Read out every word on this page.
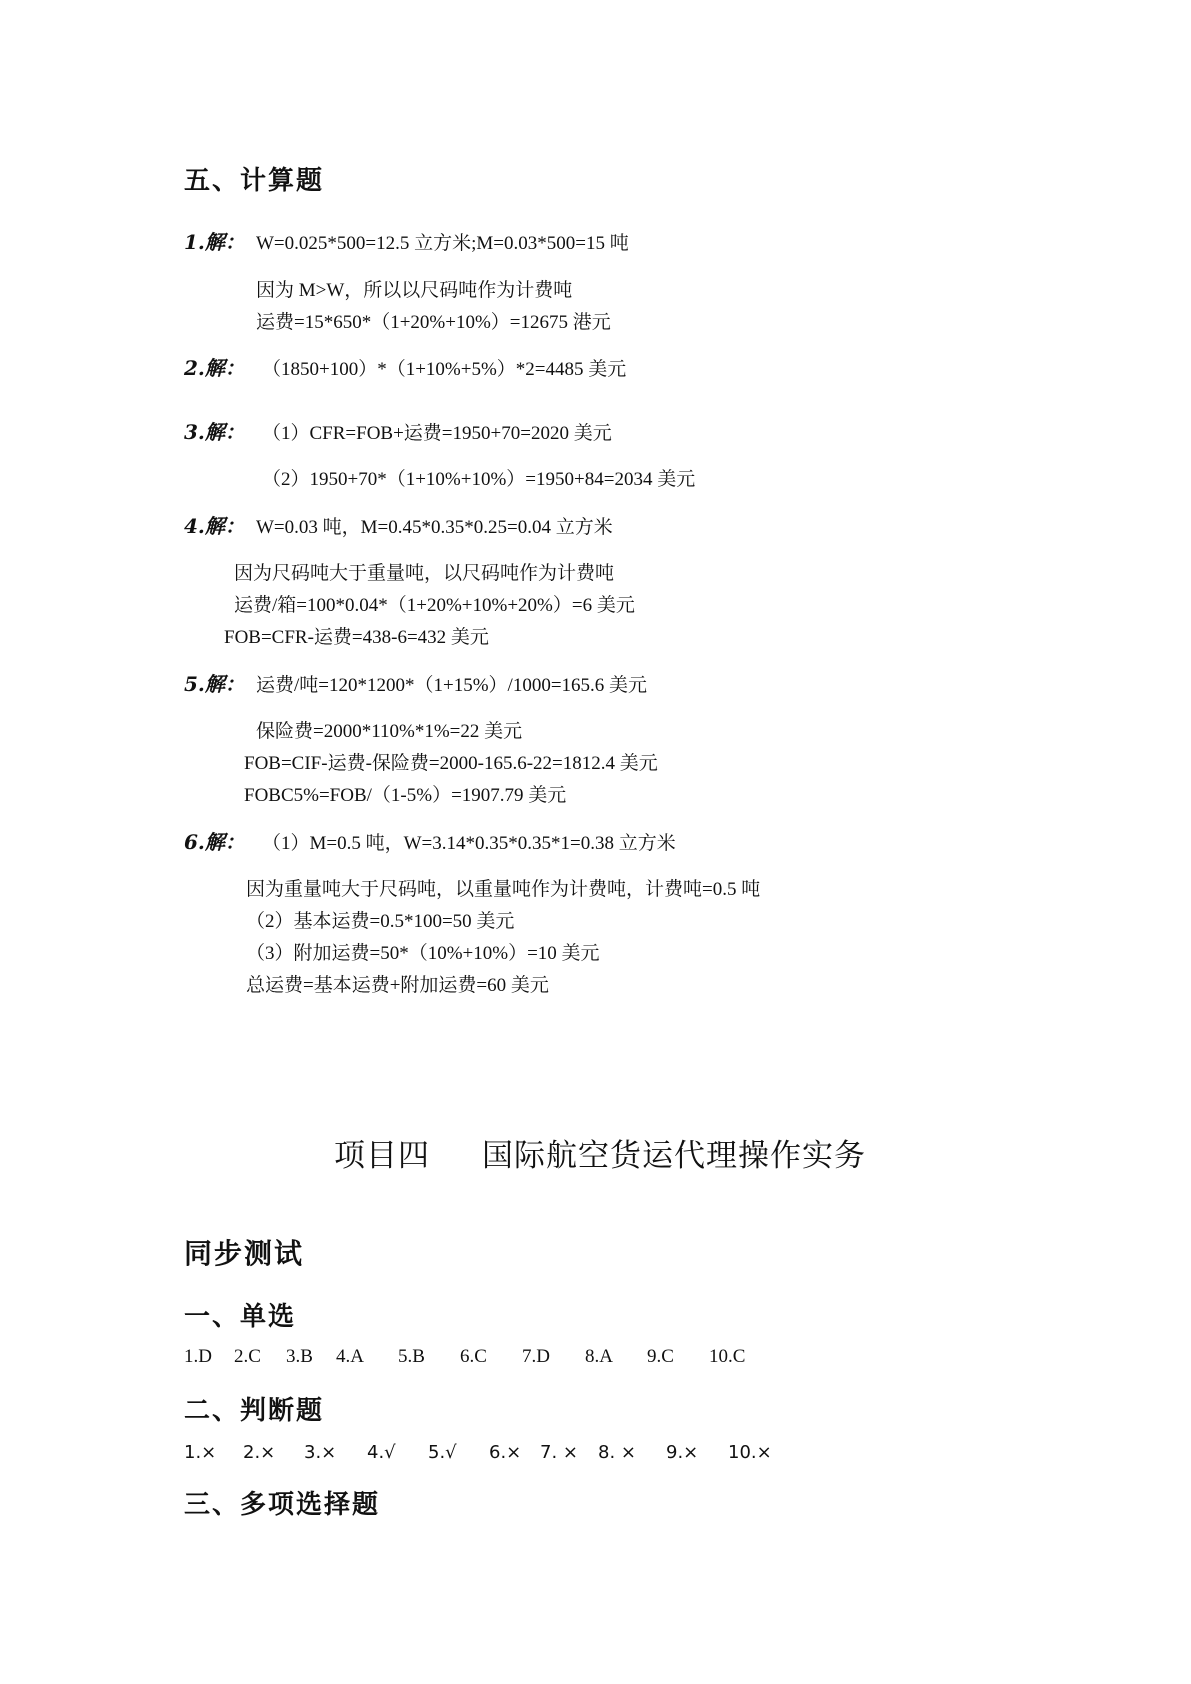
五、计算题
1.解： W=0.025*500=12.5 立方米;M=0.03*500=15 吨
因为 M>W，所以以尺码吨作为计费吨
运费=15*650*（1+20%+10%）=12675 港元
2.解： （1850+100）*（1+10%+5%）*2=4485 美元
3.解： （1）CFR=FOB+运费=1950+70=2020 美元
（2）1950+70*（1+10%+10%）=1950+84=2034 美元
4.解： W=0.03 吨，M=0.45*0.35*0.25=0.04 立方米
因为尺码吨大于重量吨，以尺码吨作为计费吨
运费/箱=100*0.04*（1+20%+10%+20%）=6 美元
FOB=CFR-运费=438-6=432 美元
5.解： 运费/吨=120*1200*（1+15%）/1000=165.6 美元
保险费=2000*110%*1%=22 美元
FOB=CIF-运费-保险费=2000-165.6-22=1812.4 美元
FOBC5%=FOB/（1-5%）=1907.79 美元
6.解： （1）M=0.5 吨，W=3.14*0.35*0.35*1=0.38 立方米
因为重量吨大于尺码吨，以重量吨作为计费吨，计费吨=0.5 吨
（2）基本运费=0.5*100=50 美元
（3）附加运费=50*（10%+10%）=10 美元
总运费=基本运费+附加运费=60 美元
项目四 国际航空货运代理操作实务
同步测试
一、单选
1.D 2.C 3.B 4.A 5.B 6.C 7.D 8.A 9.C 10.C
二、判断题
1.× 2.× 3.× 4.√ 5.√ 6.× 7. × 8. × 9.× 10.×
三、多项选择题
